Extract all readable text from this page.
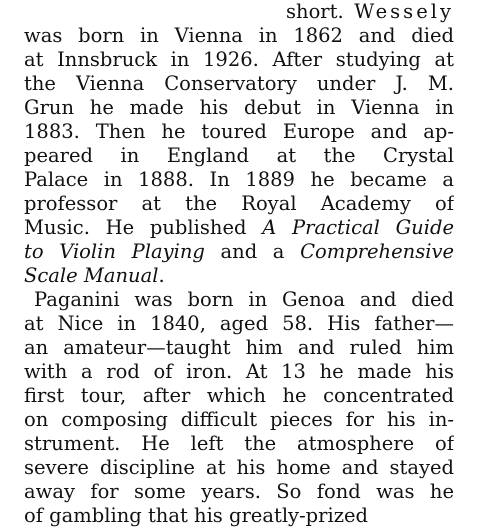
short. Wessely
was born in Vienna in 1862 and died
at Innsbruck in 1926. After studying at
the Vienna Conservatory under J. M.
Grun he made his debut in Vienna in
1883. Then he toured Europe and ap-
peared in England at the Crystal
Palace in 1888. In 1889 he became a
professor at the Royal Academy of
Music. He published A Practical Guide
to Violin Playing and a Comprehensive
Scale Manual.
Paganini was born in Genoa and died
at Nice in 1840, aged 58. His father—
an amateur—taught him and ruled him
with a rod of iron. At 13 he made his
first tour, after which he concentrated
on composing difficult pieces for his in-
strument. He left the atmosphere of
severe discipline at his home and stayed
away for some years. So fond was he
of gambling that his greatly-prized
